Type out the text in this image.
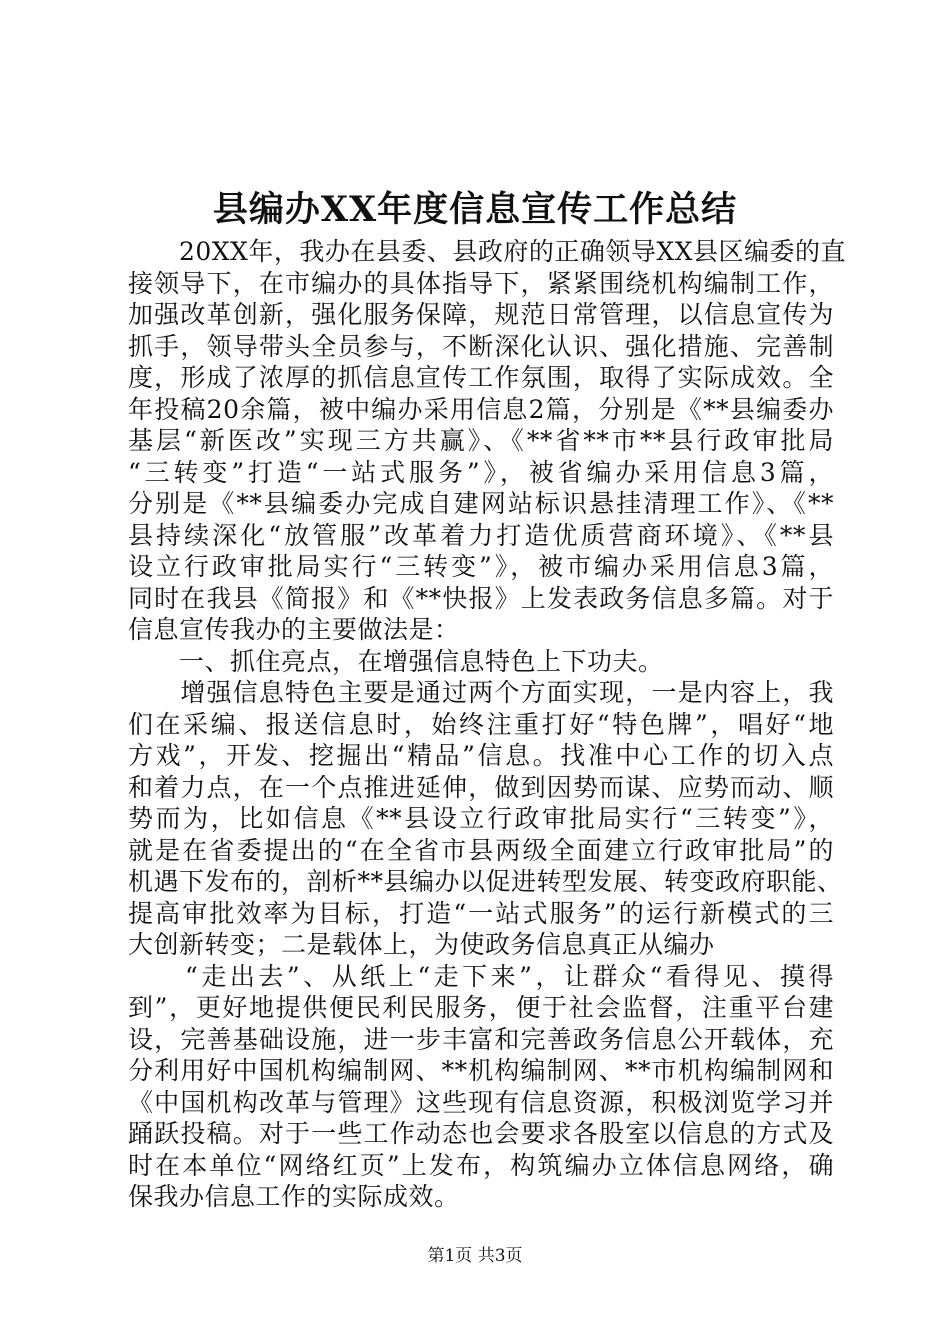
县编办XX年度信息宣传工作总结
　　20XX年，我办在县委、县政府的正确领导XX县区编委的直
接领导下，在市编办的具体指导下，紧紧围绕机构编制工作，
加强改革创新，强化服务保障，规范日常管理，以信息宣传为
抓手，领导带头全员参与，不断深化认识、强化措施、完善制
度，形成了浓厚的抓信息宣传工作氛围，取得了实际成效。全
年投稿20余篇，被中编办采用信息2篇，分别是《**县编委办
基层“新医改”实现三方共赢》、《**省**市**县行政审批局
“三转变”打造“一站式服务”》，被省编办采用信息3篇，
分别是《**县编委办完成自建网站标识悬挂清理工作》、《**
县持续深化“放管服”改革着力打造优质营商环境》、《**县
设立行政审批局实行“三转变”》，被市编办采用信息3篇，
同时在我县《简报》和《**快报》上发表政务信息多篇。对于
信息宣传我办的主要做法是：
　　一、抓住亮点，在增强信息特色上下功夫。
　　增强信息特色主要是通过两个方面实现，一是内容上，我
们在采编、报送信息时，始终注重打好“特色牌”，唱好“地
方戏”，开发、挖掘出“精品”信息。找准中心工作的切入点
和着力点，在一个点推进延伸，做到因势而谋、应势而动、顺
势而为，比如信息《**县设立行政审批局实行“三转变”》，
就是在省委提出的“在全省市县两级全面建立行政审批局”的
机遇下发布的，剖析**县编办以促进转型发展、转变政府职能、
提高审批效率为目标，打造“一站式服务”的运行新模式的三
大创新转变；二是载体上，为使政务信息真正从编办
　　“走出去”、从纸上“走下来”，让群众“看得见、摸得
到”，更好地提供便民利民服务，便于社会监督，注重平台建
设，完善基础设施，进一步丰富和完善政务信息公开载体，充
分利用好中国机构编制网、**机构编制网、**市机构编制网和
《中国机构改革与管理》这些现有信息资源，积极浏览学习并
踊跃投稿。对于一些工作动态也会要求各股室以信息的方式及
时在本单位“网络红页”上发布，构筑编办立体信息网络，确
保我办信息工作的实际成效。
第1页 共3页
